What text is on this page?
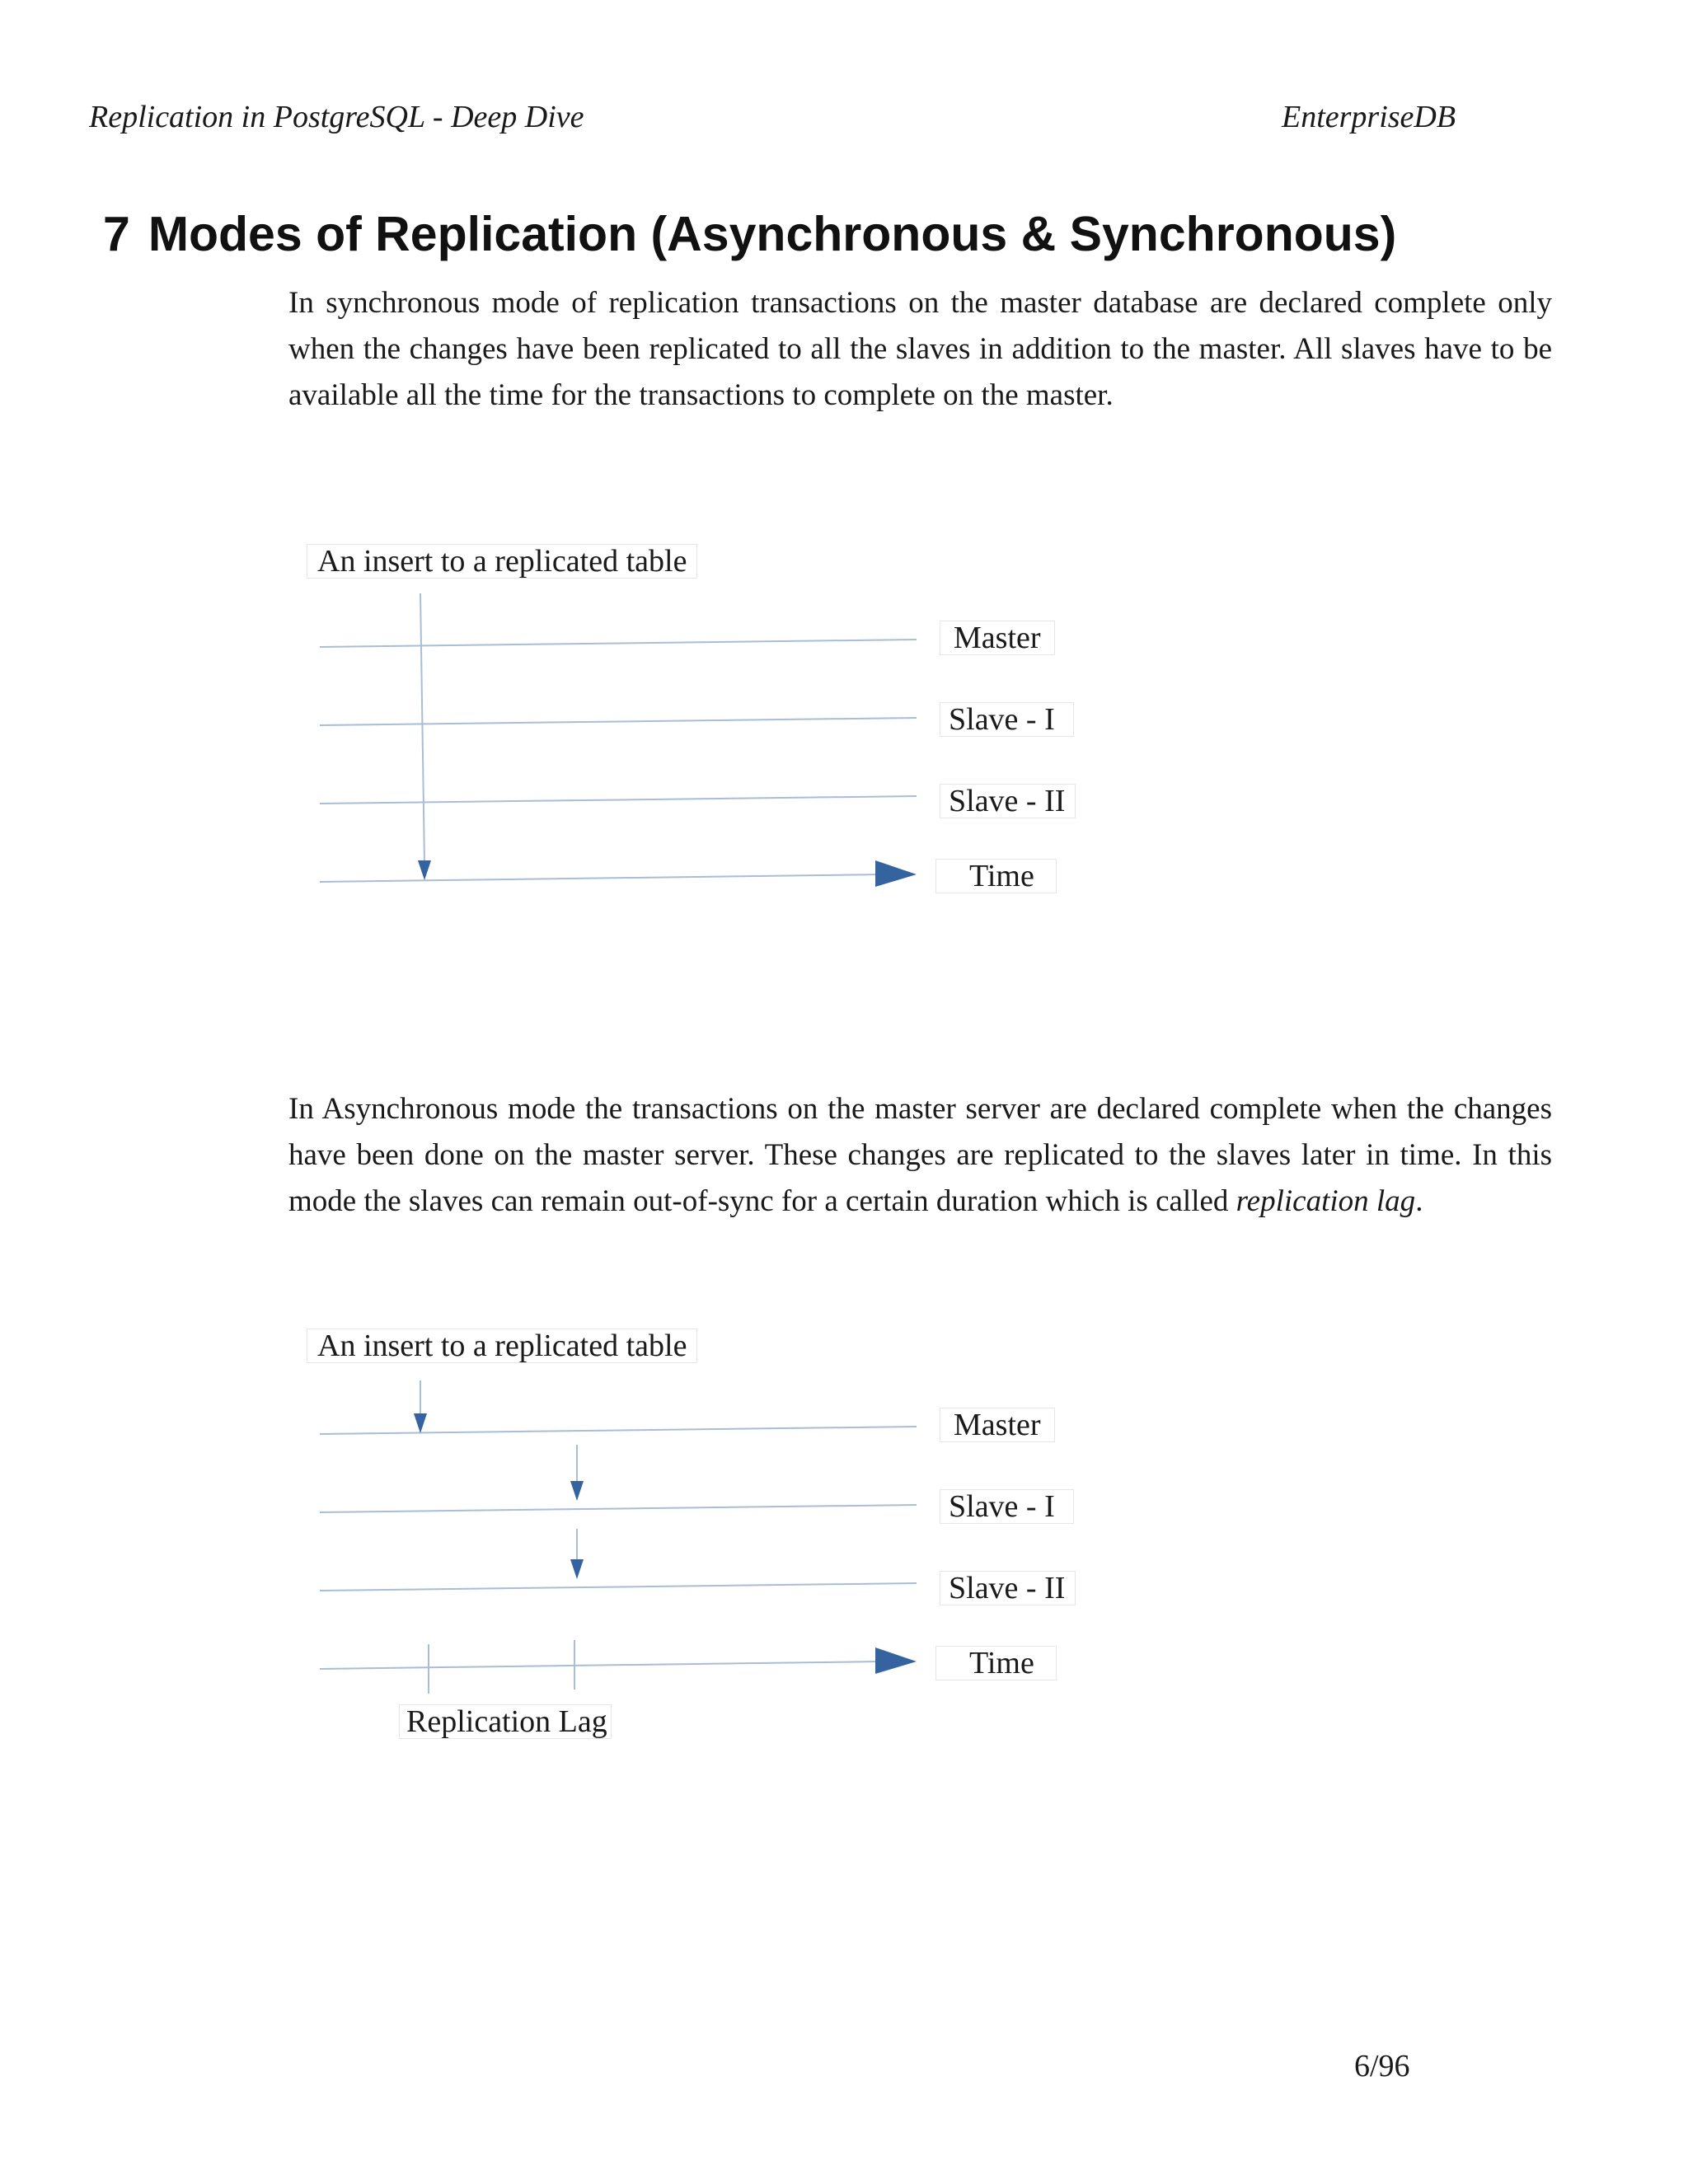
Replication in PostgreSQL - Deep Dive	EnterpriseDB
7 Modes of Replication (Asynchronous & Synchronous)

In synchronous mode of replication transactions on the master database are declared complete only when the changes have been replicated to all the slaves in addition to the master. All slaves have to be available all the time for the transactions to complete on the master.

An insert to a replicated table
Master
Slave - I
Slave - II
Time

In Asynchronous mode the transactions on the master server are declared complete when the changes have been done on the master server. These changes are replicated to the slaves later in time. In this mode the slaves can remain out-of-sync for a certain duration which is called replication lag.

An insert to a replicated table
Master
Slave - I
Slave - II
Time
Replication Lag
6/96
